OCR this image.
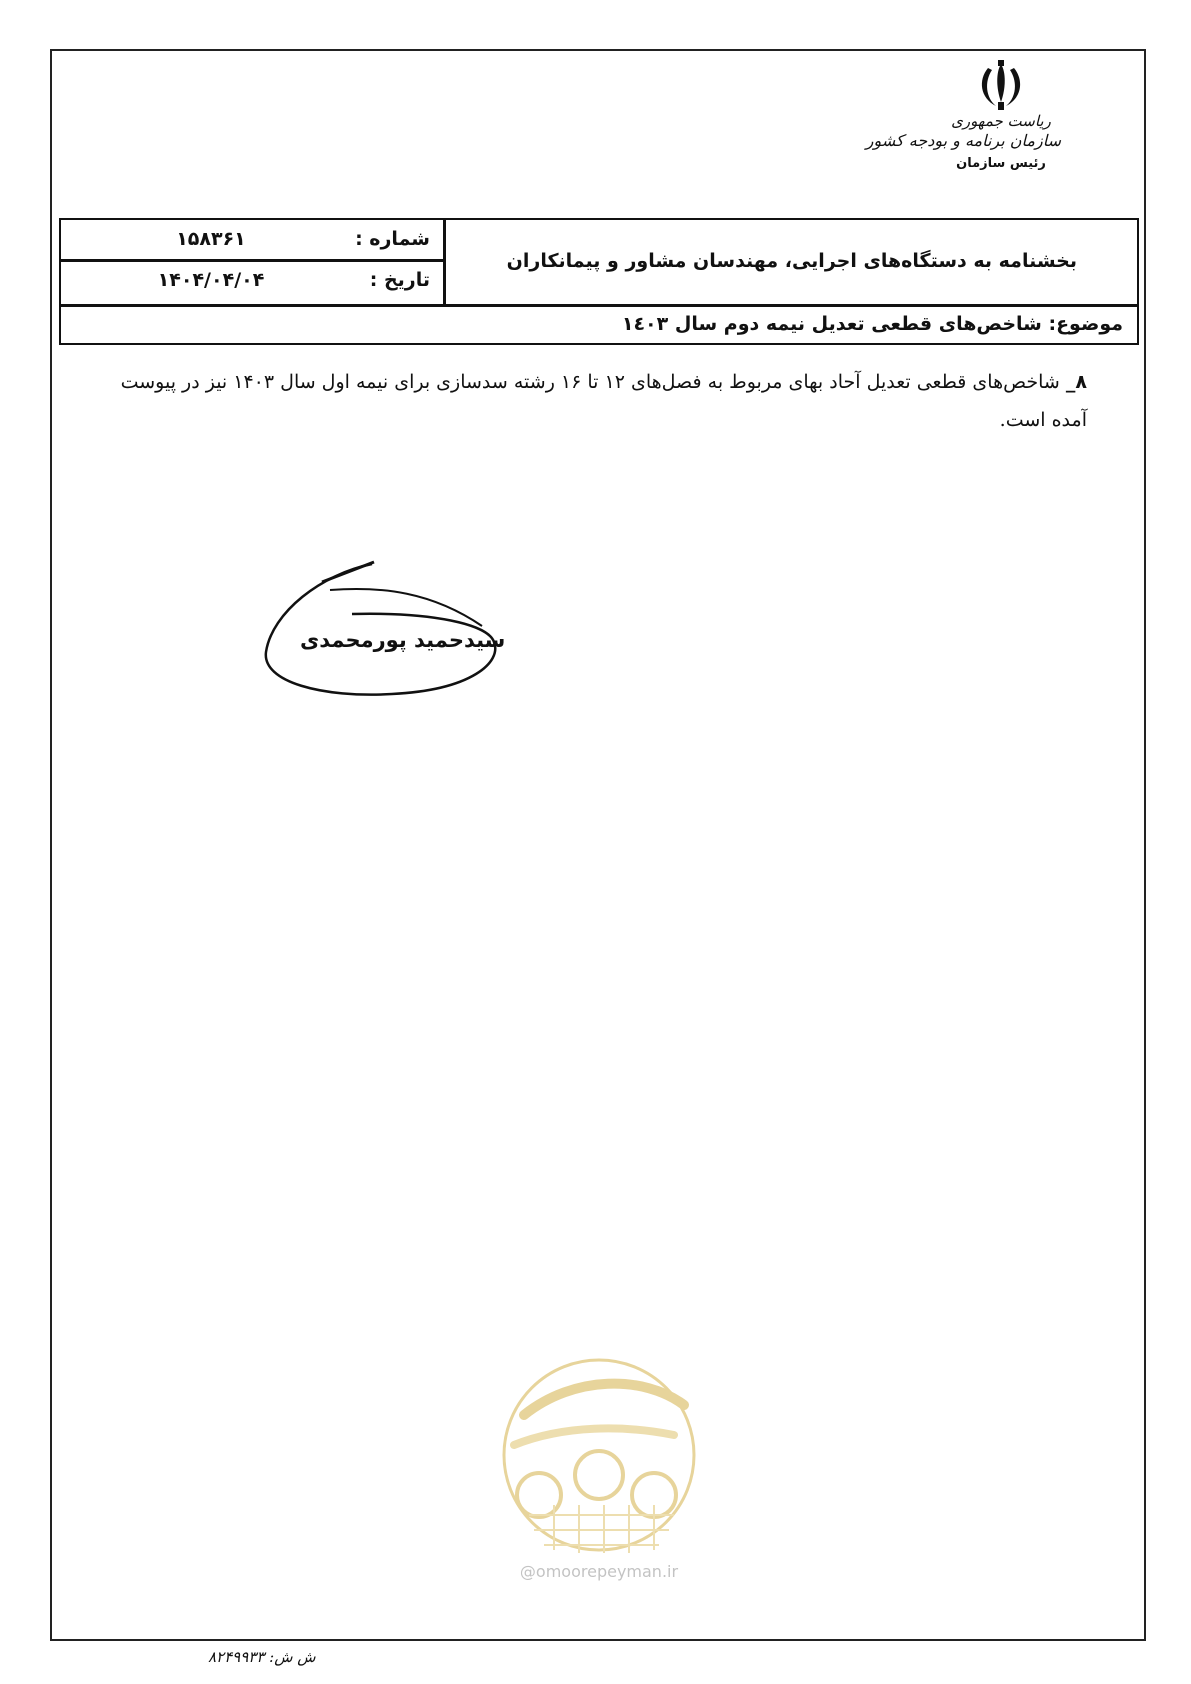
ریاست جمهوری
سازمان برنامه و بودجه کشور
رئیس سازمان
شماره :
۱۵۸۳۶۱
تاریخ :
۱۴۰۴/۰۴/۰۴
بخشنامه به دستگاه‌های اجرایی، مهندسان مشاور و پیمانکاران
موضوع: شاخص‌های قطعی تعدیل نیمه دوم سال ۱٤۰۳
۸_ شاخص‌های قطعی تعدیل آحاد بهای مربوط به فصل‌های ۱۲ تا ۱۶ رشته سدسازی برای نیمه اول سال ۱۴۰۳ نیز در پیوست آمده است.
سیدحمید پورمحمدی
@omoorepeyman.ir
ش ش: ۸۲۴۹۹۳۳
